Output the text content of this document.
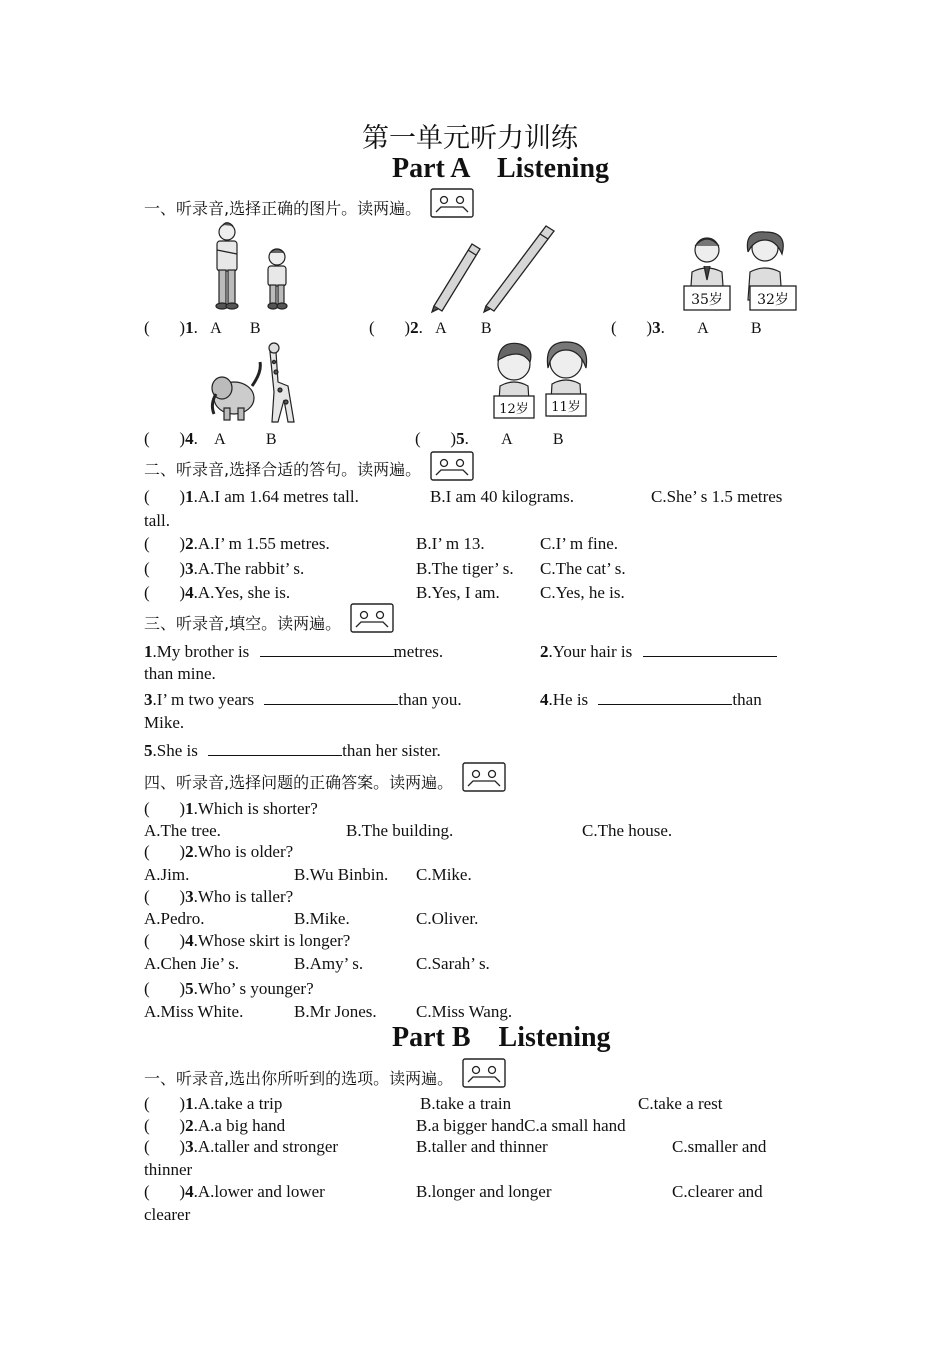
第一单元听力训练
Part A    Listening
一、听录音,选择正确的图片。读两遍。
35岁 32岁
(       )1. A B	(       )2. A B	(       )3. A	B
12岁 11岁
(       )4. A	B	(       )5. A	B
二、听录音,选择合适的答句。读两遍。
(       )1.A.I am 1.64 metres tall.	B.I am 40 kilograms.	C.She’ s 1.5 metres
tall.
(       )2.A.I’ m 1.55 metres.	B.I’ m 13.	C.I’ m fine.
(       )3.A.The rabbit’ s.	B.The tiger’ s. C.The cat’ s.
(       )4.A.Yes, she is.	B.Yes, I am. C.Yes, he is.
三、听录音,填空。读两遍。
1.My brother is	metres.	2.Your hair is
than mine.
3.I’ m two years	than you.	4.He is	than
Mike.
5.She is	than her sister.
四、听录音,选择问题的正确答案。读两遍。
(       )1.Which is shorter?
A.The tree.	B.The building.	C.The house.
(       )2.Who is older?
A.Jim.	B.Wu Binbin. C.Mike.
(       )3.Who is taller?
A.Pedro.	B.Mike.	C.Oliver.
(       )4.Whose skirt is longer?
A.Chen Jie’ s.	B.Amy’ s.	C.Sarah’ s.
(       )5.Who’ s younger?
A.Miss White.	B.Mr Jones. C.Miss Wang.
Part B    Listening
一、听录音,选出你所听到的选项。读两遍。
(       )1.A.take a trip	B.take a train	C.take a rest
(       )2.A.a big hand	B.a bigger handC.a small hand
(       )3.A.taller and stronger	B.taller and thinner	C.smaller and
thinner
(       )4.A.lower and lower	B.longer and longer	C.clearer and
clearer
